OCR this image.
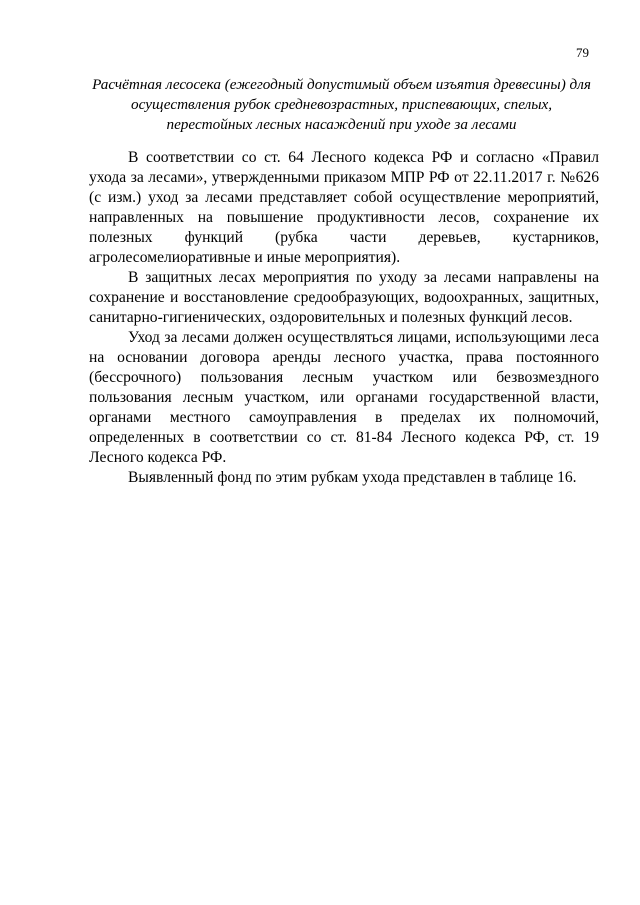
79
Расчётная лесосека (ежегодный допустимый объем изъятия древесины) для
осуществления рубок средневозрастных, приспевающих, спелых,
перестойных лесных насаждений при уходе за лесами

В соответствии со ст. 64 Лесного кодекса РФ и согласно «Правил ухода за лесами», утвержденными приказом МПР РФ от 22.11.2017 г. №626 (с изм.) уход за лесами представляет собой осуществление мероприятий, направленных на повышение продуктивности лесов, сохранение их полезных функций (рубка части деревьев, кустарников, агролесомелиоративные и иные мероприятия).

В защитных лесах мероприятия по уходу за лесами направлены на сохранение и восстановление средообразующих, водоохранных, защитных, санитарно-гигиенических, оздоровительных и полезных функций лесов.

Уход за лесами должен осуществляться лицами, использующими леса на основании договора аренды лесного участка, права постоянного (бессрочного) пользования лесным участком или безвозмездного пользования лесным участком, или органами государственной власти, органами местного самоуправления в пределах их полномочий, определенных в соответствии со ст. 81-84 Лесного кодекса РФ, ст. 19 Лесного кодекса РФ.

Выявленный фонд по этим рубкам ухода представлен в таблице 16.
